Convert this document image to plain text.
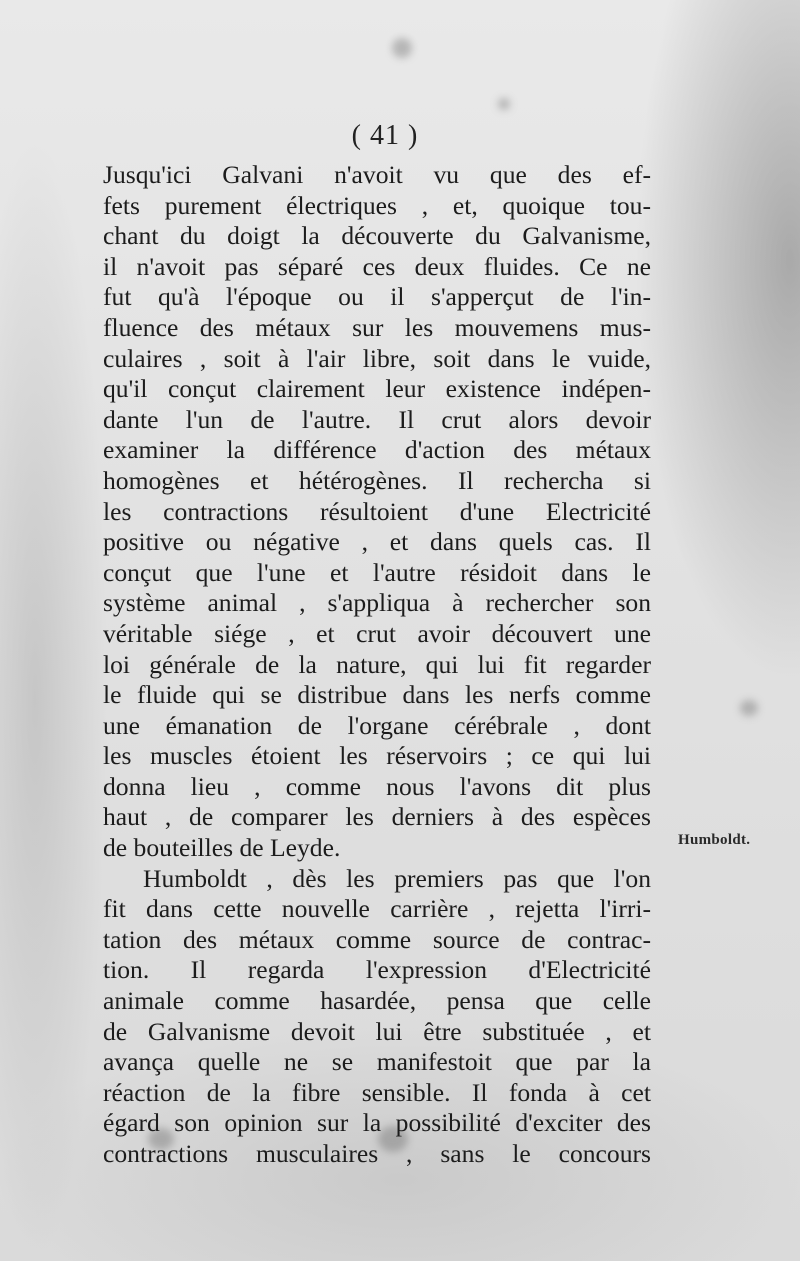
( 41 )
Jusqu'ici Galvani n'avoit vu que des ef-
fets purement électriques , et, quoique tou-
chant du doigt la découverte du Galvanisme,
il n'avoit pas séparé ces deux fluides. Ce ne
fut qu'à l'époque ou il s'apperçut de l'in-
fluence des métaux sur les mouvemens mus-
culaires , soit à l'air libre, soit dans le vuide,
qu'il conçut clairement leur existence indépen-
dante l'un de l'autre. Il crut alors devoir
examiner la différence d'action des métaux
homogènes et hétérogènes. Il rechercha si
les contractions résultoient d'une Electricité
positive ou négative , et dans quels cas. Il
conçut que l'une et l'autre résidoit dans le
système animal , s'appliqua à rechercher son
véritable siége , et crut avoir découvert une
loi générale de la nature, qui lui fit regarder
le fluide qui se distribue dans les nerfs comme
une émanation de l'organe cérébrale , dont
les muscles étoient les réservoirs ; ce qui lui
donna lieu , comme nous l'avons dit plus
haut , de comparer les derniers à des espèces
de bouteilles de Leyde.
Humboldt , dès les premiers pas que l'on
fit dans cette nouvelle carrière , rejetta l'irri-
tation des métaux comme source de contrac-
tion. Il regarda l'expression d'Electricité
animale comme hasardée, pensa que celle
de Galvanisme devoit lui être substituée , et
avança quelle ne se manifestoit que par la
réaction de la fibre sensible. Il fonda à cet
égard son opinion sur la possibilité d'exciter des
contractions musculaires , sans le concours
Humboldt.
